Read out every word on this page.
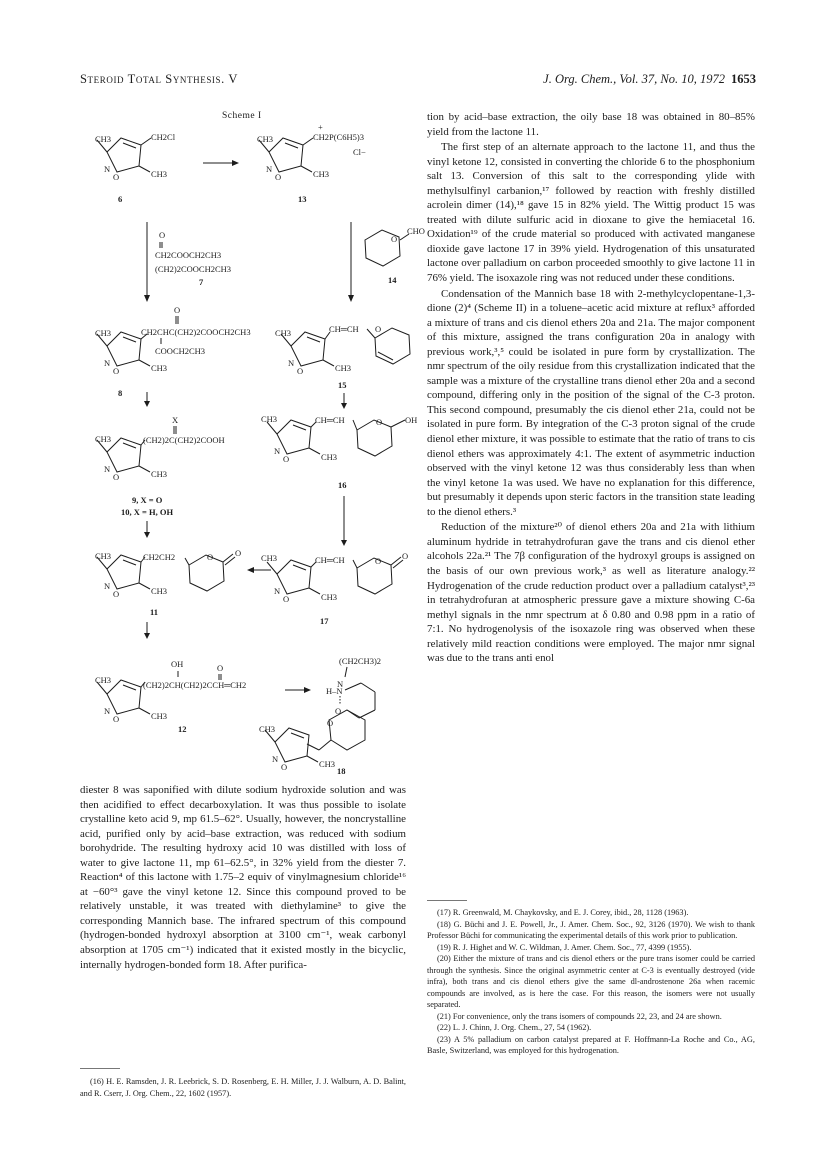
Steroid Total Synthesis. V	J. Org. Chem., Vol. 37, No. 10, 1972 1653
Scheme I
CH3	CH2Cl
N
O	CH3
6
CH3
+
CH2P(C6H5)3
Cl−
N
O	CH3
13
O
CH2COOCH2CH3
(CH2)2COOCH2CH3
7
O
CHO
14
CH3
O
CH2CHC(CH2)2COOCH2CH3
COOCH2CH3
N
O	CH3
8
CH3	CH═CH O
N
O	CH3
15
CH3
X
(CH2)2C(CH2)2COOH
N
O	CH3
9, X = O
10, X = H, OH
CH3	CH═CH	O	OH
N
O	CH3
16
CH3	CH2CH2	O	O
N
O	CH3
11
CH3	CH═CH	O O
N
O	CH3
17
CH3
OH	O
(CH2)2CH(CH2)2CCH═CH2
N
O	CH3
12
(CH2CH3)2
N
H–N
O
O
CH3
N
O	CH3
18

diester 8 was saponified with dilute sodium hydroxide solution and was then acidified to effect decarboxylation. It was thus possible to isolate crystalline keto acid 9, mp 61.5–62°. Usually, however, the noncrystalline acid, purified only by acid–base extraction, was reduced with sodium borohydride. The resulting hydroxy acid 10 was distilled with loss of water to give lactone 11, mp 61–62.5°, in 32% yield from the diester 7. Reaction⁴ of this lactone with 1.75–2 equiv of vinylmagnesium chloride¹⁶ at −60°³ gave the vinyl ketone 12. Since this compound proved to be relatively unstable, it was treated with diethylamine³ to give the corresponding Mannich base. The infrared spectrum of this compound (hydrogen-bonded hydroxyl absorption at 3100 cm⁻¹, weak carbonyl absorption at 1705 cm⁻¹) indicated that it existed mostly in the bicyclic, internally hydrogen-bonded form 18. After purifica-

(16) H. E. Ramsden, J. R. Leebrick, S. D. Rosenberg, E. H. Miller, J. J. Walburn, A. D. Balint, and R. Cserr, J. Org. Chem., 22, 1602 (1957).

tion by acid–base extraction, the oily base 18 was obtained in 80–85% yield from the lactone 11.

The first step of an alternate approach to the lactone 11, and thus the vinyl ketone 12, consisted in converting the chloride 6 to the phosphonium salt 13. Conversion of this salt to the corresponding ylide with methylsulfinyl carbanion,¹⁷ followed by reaction with freshly distilled acrolein dimer (14),¹⁸ gave 15 in 82% yield. The Wittig product 15 was treated with dilute sulfuric acid in dioxane to give the hemiacetal 16. Oxidation¹⁹ of the crude material so produced with activated manganese dioxide gave lactone 17 in 39% yield. Hydrogenation of this unsaturated lactone over palladium on carbon proceeded smoothly to give lactone 11 in 76% yield. The isoxazole ring was not reduced under these conditions.

Condensation of the Mannich base 18 with 2-methylcyclopentane-1,3-dione (2)⁴ (Scheme II) in a toluene–acetic acid mixture at reflux³ afforded a mixture of trans and cis dienol ethers 20a and 21a. The major component of this mixture, assigned the trans configuration 20a in analogy with previous work,³,⁵ could be isolated in pure form by crystallization. The nmr spectrum of the oily residue from this crystallization indicated that the sample was a mixture of the crystalline trans dienol ether 20a and a second compound, differing only in the position of the signal of the C-3 proton. This second compound, presumably the cis dienol ether 21a, could not be isolated in pure form. By integration of the C-3 proton signal of the crude dienol ether mixture, it was possible to estimate that the ratio of trans to cis dienol ethers was approximately 4:1. The extent of asymmetric induction observed with the vinyl ketone 12 was thus considerably less than when the vinyl ketone 1a was used. We have no explanation for this difference, but presumably it depends upon steric factors in the transition state leading to the dienol ethers.³

Reduction of the mixture²⁰ of dienol ethers 20a and 21a with lithium aluminum hydride in tetrahydrofuran gave the trans and cis dienol ether alcohols 22a.²¹ The 7β configuration of the hydroxyl groups is assigned on the basis of our own previous work,³ as well as literature analogy.²² Hydrogenation of the crude reduction product over a palladium catalyst³,²³ in tetrahydrofuran at atmospheric pressure gave a mixture showing C-6a methyl signals in the nmr spectrum at δ 0.80 and 0.98 ppm in a ratio of 7:1. No hydrogenolysis of the isoxazole ring was observed when these relatively mild reaction conditions were employed. The major nmr signal was due to the trans anti enol

(17) R. Greenwald, M. Chaykovsky, and E. J. Corey, ibid., 28, 1128 (1963).

(18) G. Büchi and J. E. Powell, Jr., J. Amer. Chem. Soc., 92, 3126 (1970). We wish to thank Professor Büchi for communicating the experimental details of this work prior to publication.

(19) R. J. Highet and W. C. Wildman, J. Amer. Chem. Soc., 77, 4399 (1955).

(20) Either the mixture of trans and cis dienol ethers or the pure trans isomer could be carried through the synthesis. Since the original asymmetric center at C-3 is eventually destroyed (vide infra), both trans and cis dienol ethers give the same dl-androstenone 26a when racemic compounds are involved, as is here the case. For this reason, the isomers were not usually separated.

(21) For convenience, only the trans isomers of compounds 22, 23, and 24 are shown.

(22) L. J. Chinn, J. Org. Chem., 27, 54 (1962).

(23) A 5% palladium on carbon catalyst prepared at F. Hoffmann-La Roche and Co., AG, Basle, Switzerland, was employed for this hydrogenation.
